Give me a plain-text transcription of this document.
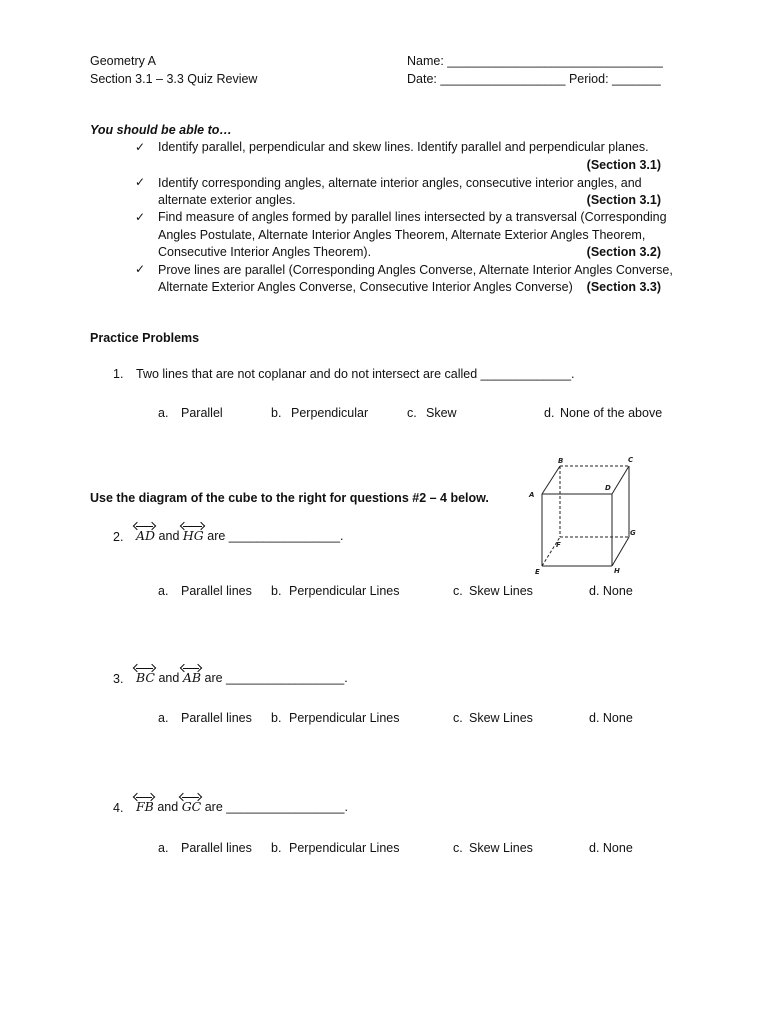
Geometry A
Section 3.1 – 3.3 Quiz Review
Name: _______________________________
Date: __________________ Period: _______
You should be able to…
✓ Identify parallel, perpendicular and skew lines. Identify parallel and perpendicular planes.
(Section 3.1)
✓ Identify corresponding angles, alternate interior angles, consecutive interior angles, and
alternate exterior angles.	(Section 3.1)
✓ Find measure of angles formed by parallel lines intersected by a transversal (Corresponding
Angles Postulate, Alternate Interior Angles Theorem, Alternate Exterior Angles Theorem,
Consecutive Interior Angles Theorem).	(Section 3.2)
✓ Prove lines are parallel (Corresponding Angles Converse, Alternate Interior Angles Converse,
Alternate Exterior Angles Converse, Consecutive Interior Angles Converse) (Section 3.3)
Practice Problems
1. Two lines that are not coplanar and do not intersect are called _____________.
a. Parallel	b. Perpendicular	c. Skew	d. None of the above
Use the diagram of the cube to the right for questions #2 – 4 below.	A
B	C
D
E
F
G
H
2. AD and HG are ________________.
a. Parallel lines b. Perpendicular Lines	c. Skew Lines	d. None
3. BC and AB are _________________.
a. Parallel lines b. Perpendicular Lines	c. Skew Lines	d. None
4. FB and GC are _________________.
a. Parallel lines b. Perpendicular Lines	c. Skew Lines	d. None
